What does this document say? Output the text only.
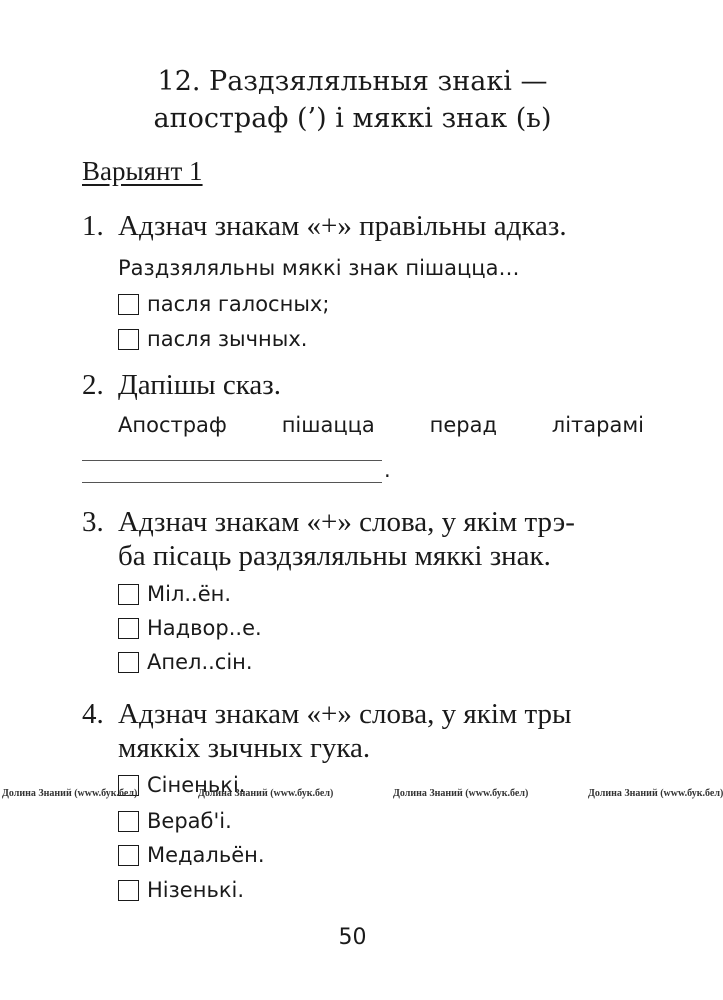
12. Раздзяляльныя знакі —
апостраф (’) і мяккі знак (ь)
Варыянт 1
1. Адзнач знакам «+» правільны адказ.
Раздзяляльны мяккі знак пішацца…
пасля галосных;
пасля зычных.
2. Дапішы сказ.
Апостраф	пішацца	перад	літарамі
.
3. Адзнач знакам «+» слова, у якім трэ-
ба пісаць раздзяляльны мяккі знак.
Міл..ён.
Надвор..е.
Апел..сін.
4. Адзнач знакам «+» слова, у якім тры
мяккіх зычных гука.
Сіненькі.
Вераб'і.
Медальён.
Нізенькі.
Долина Знаний (www.бук.бел)	Долина Знаний (www.бук.бел)	Долина Знаний (www.бук.бел)	Долина Знаний (www.бук.бел)
50
